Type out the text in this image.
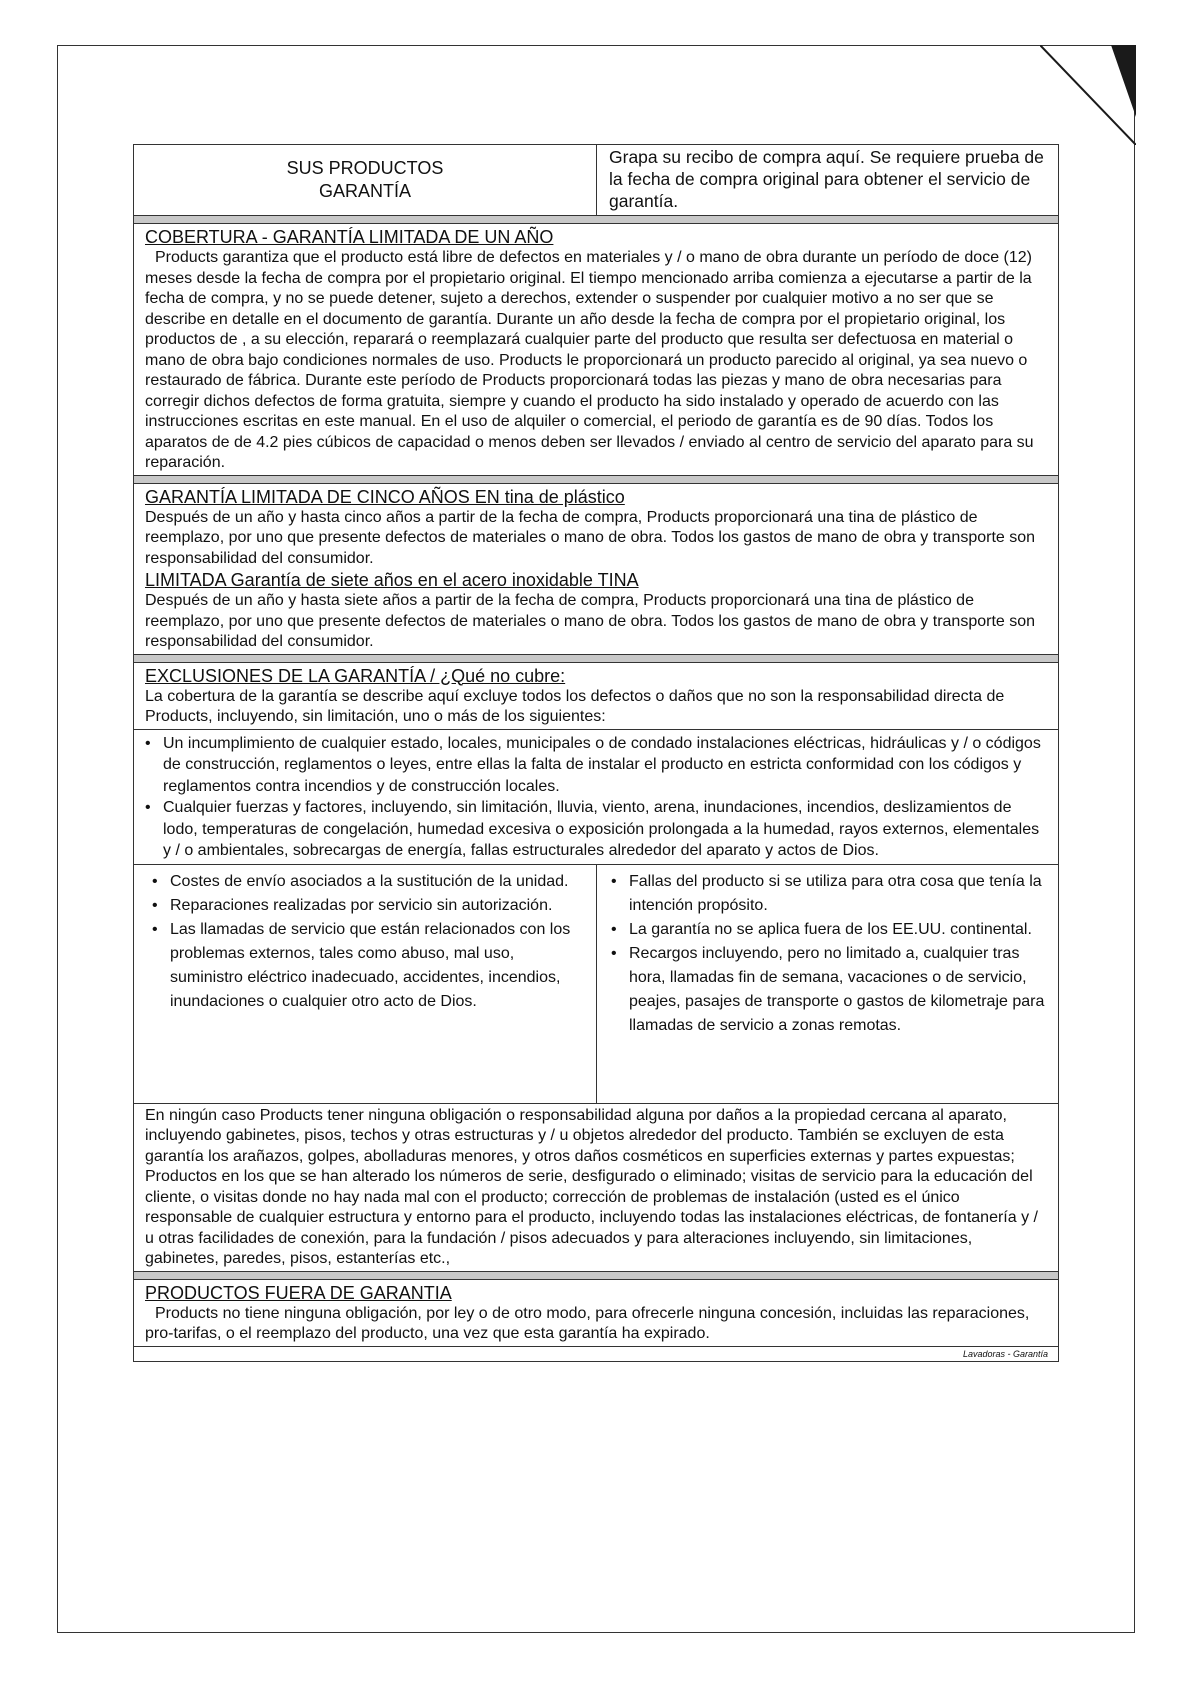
SUS PRODUCTOS
GARANTÍA
Grapa su recibo de compra aquí. Se requiere prueba de la fecha de compra original para obtener el servicio de garantía.
COBERTURA - GARANTÍA LIMITADA DE UN AÑO

Products garantiza que el producto está libre de defectos en materiales y / o mano de obra durante un período de doce (12) meses desde la fecha de compra por el propietario original. El tiempo mencionado arriba comienza a ejecutarse a partir de la fecha de compra, y no se puede detener, sujeto a derechos, extender o suspender por cualquier motivo a no ser que se describe en detalle en el documento de garantía. Durante un año desde la fecha de compra por el propietario original, los productos de , a su elección, reparará o reemplazará cualquier parte del producto que resulta ser defectuosa en material o mano de obra bajo condiciones normales de uso. Products le proporcionará un producto parecido al original, ya sea nuevo o restaurado de fábrica. Durante este período de Products proporcionará todas las piezas y mano de obra necesarias para corregir dichos defectos de forma gratuita, siempre y cuando el producto ha sido instalado y operado de acuerdo con las instrucciones escritas en este manual. En el uso de alquiler o comercial, el periodo de garantía es de 90 días. Todos los aparatos de de 4.2 pies cúbicos de capacidad o menos deben ser llevados / enviado al centro de servicio del aparato para su reparación.

GARANTÍA LIMITADA DE CINCO AÑOS EN tina de plástico

Después de un año y hasta cinco años a partir de la fecha de compra, Products proporcionará una tina de plástico de reemplazo, por uno que presente defectos de materiales o mano de obra. Todos los gastos de mano de obra y transporte son responsabilidad del consumidor.

LIMITADA Garantía de siete años en el acero inoxidable TINA

Después de un año y hasta siete años a partir de la fecha de compra, Products proporcionará una tina de plástico de reemplazo, por uno que presente defectos de materiales o mano de obra. Todos los gastos de mano de obra y transporte son responsabilidad del consumidor.

EXCLUSIONES DE LA GARANTÍA / ¿Qué no cubre:

La cobertura de la garantía se describe aquí excluye todos los defectos o daños que no son la responsabilidad directa de Products, incluyendo, sin limitación, uno o más de los siguientes:

• Un incumplimiento de cualquier estado, locales, municipales o de condado instalaciones eléctricas, hidráulicas y / o códigos de construcción, reglamentos o leyes, entre ellas la falta de instalar el producto en estricta conformidad con los códigos y reglamentos contra incendios y de construcción locales.
• Cualquier fuerzas y factores, incluyendo, sin limitación, lluvia, viento, arena, inundaciones, incendios, deslizamientos de lodo, temperaturas de congelación, humedad excesiva o exposición prolongada a la humedad, rayos externos, elementales y / o ambientales, sobrecargas de energía, fallas estructurales alrededor del aparato y actos de Dios.
• Costes de envío asociados a la sustitución de la unidad.
• Reparaciones realizadas por servicio sin autorización.
• Las llamadas de servicio que están relacionados con los problemas externos, tales como abuso, mal uso, suministro eléctrico inadecuado, accidentes, incendios, inundaciones o cualquier otro acto de Dios.
• Fallas del producto si se utiliza para otra cosa que tenía la intención propósito.
• La garantía no se aplica fuera de los EE.UU. continental.
• Recargos incluyendo, pero no limitado a, cualquier tras hora, llamadas fin de semana, vacaciones o de servicio, peajes, pasajes de transporte o gastos de kilometraje para llamadas de servicio a zonas remotas.

En ningún caso Products tener ninguna obligación o responsabilidad alguna por daños a la propiedad cercana al aparato, incluyendo gabinetes, pisos, techos y otras estructuras y / u objetos alrededor del producto. También se excluyen de esta garantía los arañazos, golpes, abolladuras menores, y otros daños cosméticos en superficies externas y partes expuestas; Productos en los que se han alterado los números de serie, desfigurado o eliminado; visitas de servicio para la educación del cliente, o visitas donde no hay nada mal con el producto; corrección de problemas de instalación (usted es el único responsable de cualquier estructura y entorno para el producto, incluyendo todas las instalaciones eléctricas, de fontanería y / u otras facilidades de conexión, para la fundación / pisos adecuados y para alteraciones incluyendo, sin limitaciones, gabinetes, paredes, pisos, estanterías etc.,

PRODUCTOS FUERA DE GARANTIA

Products no tiene ninguna obligación, por ley o de otro modo, para ofrecerle ninguna concesión, incluidas las reparaciones, pro-tarifas, o el reemplazo del producto, una vez que esta garantía ha expirado.

Lavadoras - Garantía
